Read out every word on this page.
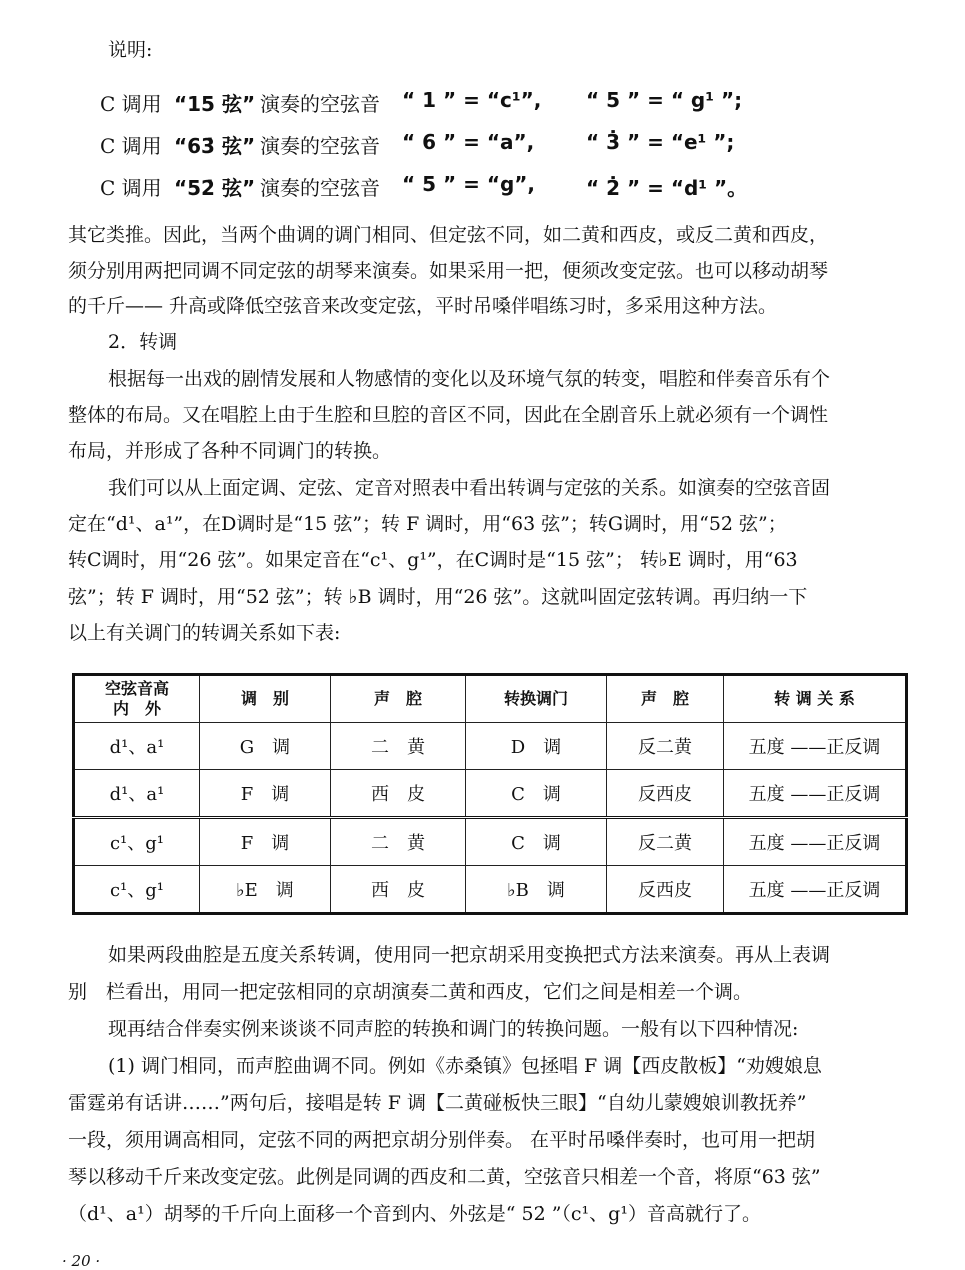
说明:
C 调用 “15 弦” 演奏的空弦音 “ 1 ” = “c¹”, “ 5 ” = “ g¹ ”;
C 调用 “63̇ 弦” 演奏的空弦音 “ 6 ” = “a”,	“ 3̇ ” = “e¹ ”;
C 调用 “52̇ 弦” 演奏的空弦音 “ 5 ” = “g”,	“ 2̇ ” = “d¹ ”。
其它类推。因此，当两个曲调的调门相同、但定弦不同，如二黄和西皮，或反二黄和西皮，
须分别用两把同调不同定弦的胡琴来演奏。如果采用一把，便须改变定弦。也可以移动胡琴
的千斤—— 升高或降低空弦音来改变定弦，平时吊嗓伴唱练习时，多采用这种方法。
2．转调
根据每一出戏的剧情发展和人物感情的变化以及环境气氛的转变，唱腔和伴奏音乐有个
整体的布局。又在唱腔上由于生腔和旦腔的音区不同，因此在全剧音乐上就必须有一个调性
布局，并形成了各种不同调门的转换。
我们可以从上面定调、定弦、定音对照表中看出转调与定弦的关系。如演奏的空弦音固
定在“d¹、a¹”，在D调时是“15 弦”；转 F 调时，用“63̇ 弦”；转G调时，用“52̇ 弦”；
转C调时，用“26 弦”。如果定音在“c¹、g¹”，在C调时是“15 弦”； 转♭E 调时，用“63̇
弦”；转 F 调时，用“52̇ 弦”；转 ♭B 调时，用“26 弦”。这就叫固定弦转调。再归纳一下
以上有关调门的转调关系如下表:
空弦音高
内　外	调　别	声　腔	转换调门	声　腔	转 调 关 系
d¹、a¹	G　调	二　黄	D　调	反二黄	五度 ——正反调
d¹、a¹	F　调	西　皮	C　调	反西皮	五度 ——正反调
c¹、g¹	F　调	二　黄	C　调	反二黄	五度 ——正反调
c¹、g¹	♭E　调	西　皮	♭B　调	反西皮	五度 ——正反调
如果两段曲腔是五度关系转调，使用同一把京胡采用变换把式方法来演奏。再从上表调
别　栏看出，用同一把定弦相同的京胡演奏二黄和西皮，它们之间是相差一个调。
现再结合伴奏实例来谈谈不同声腔的转换和调门的转换问题。一般有以下四种情况:
(1) 调门相同，而声腔曲调不同。例如《赤桑镇》包拯唱 F 调【西皮散板】“劝嫂娘息
雷霆弟有话讲……”两句后，接唱是转 F 调【二黄碰板快三眼】“自幼儿蒙嫂娘训教抚养”
一段，须用调高相同，定弦不同的两把京胡分别伴奏。 在平时吊嗓伴奏时，也可用一把胡
琴以移动千斤来改变定弦。此例是同调的西皮和二黄，空弦音只相差一个音，将原“63̇ 弦”
（d¹、a¹）胡琴的千斤向上面移一个音到内、外弦是“ 52̇ ”（c¹、g¹）音高就行了。
· 20 ·
